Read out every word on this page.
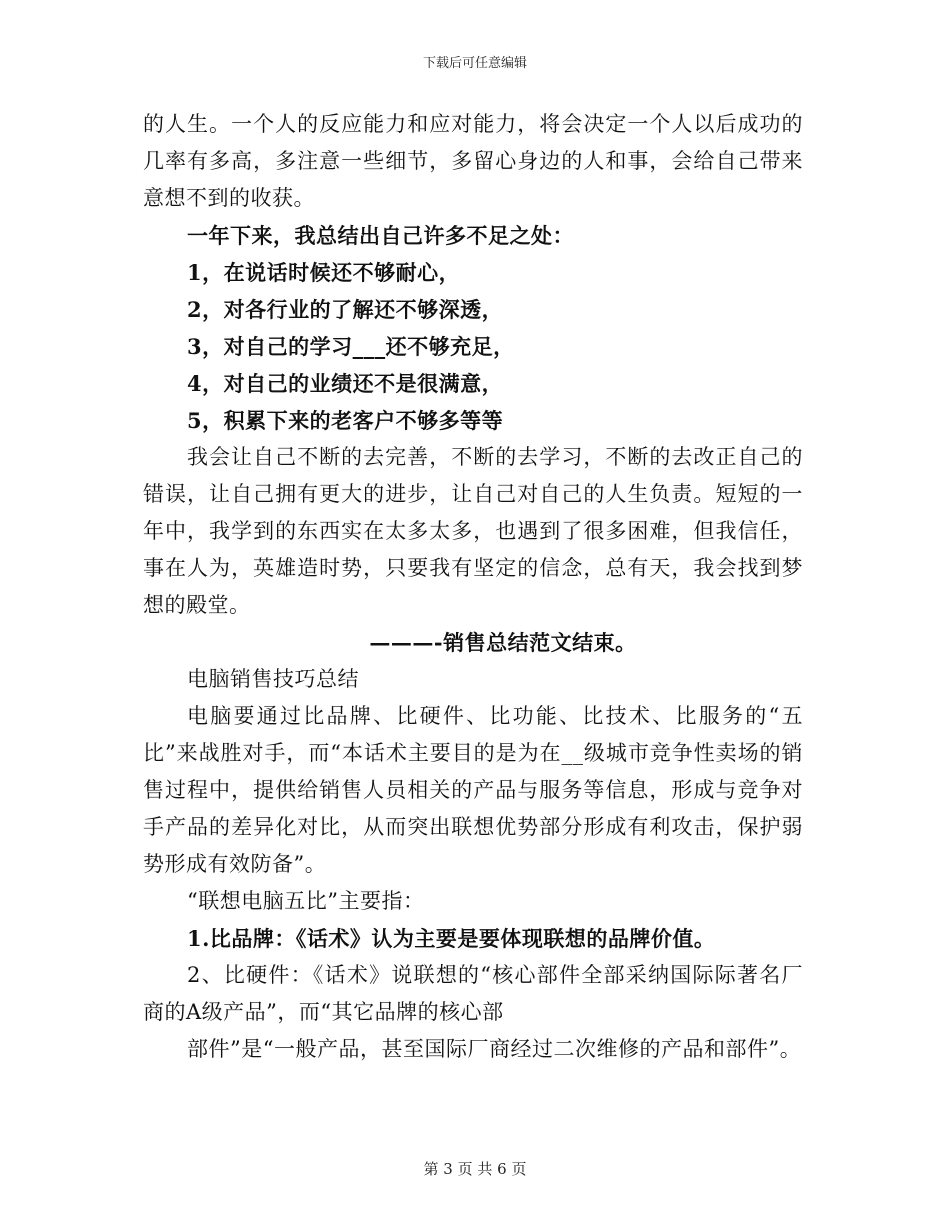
下载后可任意编辑

的人生。一个人的反应能力和应对能力，将会决定一个人以后成功的几率有多高，多注意一些细节，多留心身边的人和事，会给自己带来意想不到的收获。

一年下来，我总结出自己许多不足之处：

1，在说话时候还不够耐心，

2，对各行业的了解还不够深透，

3，对自己的学习___还不够充足，

4，对自己的业绩还不是很满意，

5，积累下来的老客户不够多等等

我会让自己不断的去完善，不断的去学习，不断的去改正自己的错误，让自己拥有更大的进步，让自己对自己的人生负责。短短的一年中，我学到的东西实在太多太多，也遇到了很多困难，但我信任，事在人为，英雄造时势，只要我有坚定的信念，总有天，我会找到梦想的殿堂。

———-销售总结范文结束。

电脑销售技巧总结

电脑要通过比品牌、比硬件、比功能、比技术、比服务的“五比”来战胜对手，而“本话术主要目的是为在__级城市竞争性卖场的销售过程中，提供给销售人员相关的产品与服务等信息，形成与竞争对手产品的差异化对比，从而突出联想优势部分形成有利攻击，保护弱势形成有效防备”。

“联想电脑五比”主要指：

1.比品牌：《话术》认为主要是要体现联想的品牌价值。

2、比硬件：《话术》说联想的“核心部件全部采纳国际际著名厂商的A级产品”，而“其它品牌的核心部

部件”是“一般产品，甚至国际厂商经过二次维修的产品和部件”。

第 3 页 共 6 页
